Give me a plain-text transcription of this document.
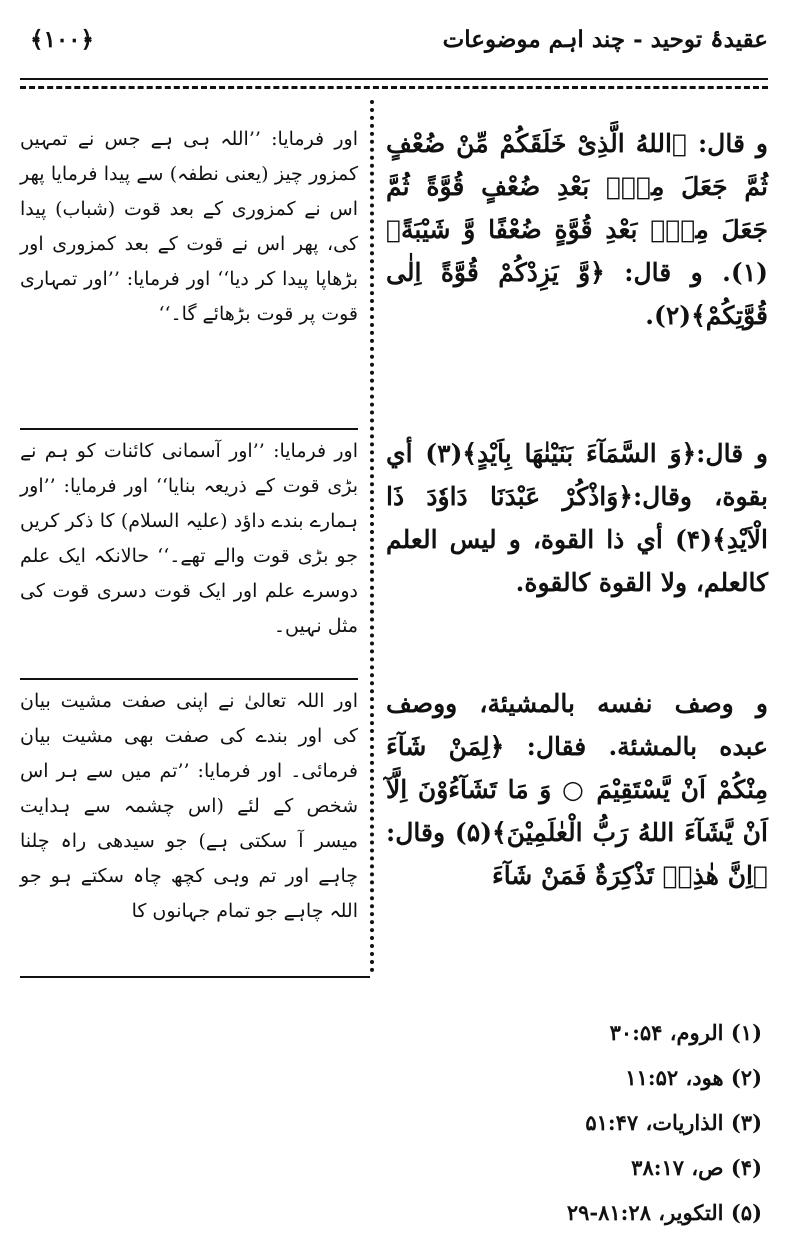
عقیدۂ توحید - چند اہم موضوعات
﴾۱۰۰﴿
و قال: ﴿اللهُ الَّذِیْ خَلَقَكُمْ مِّنْ ضُعْفٍ ثُمَّ جَعَلَ مِنْۢ بَعْدِ ضُعْفٍ قُوَّةً ثُمَّ جَعَلَ مِنْۢ بَعْدِ قُوَّةٍ ضُعْفًا وَّ شَيْبَةً﴾(۱). و قال: ﴿وَّ يَزِدْكُمْ قُوَّةً اِلٰى قُوَّتِكُمْ﴾(۲).
و قال:﴿وَ السَّمَآءَ بَنَيْنٰهَا بِاَيْدٍ﴾(۳) أي بقوة، وقال:﴿وَاذْكُرْ عَبْدَنَا دَاوٗدَ ذَا الْاَيْدِ﴾(۴) أي ذا القوة، و ليس العلم كالعلم، ولا القوة كالقوة.
و وصف نفسه بالمشيئة، ووصف عبده بالمشئة. فقال: ﴿لِمَنْ شَآءَ مِنْكُمْ اَنْ يَّسْتَقِيْمَ ○ وَ مَا تَشَآءُوْنَ اِلَّآ اَنْ يَّشَآءَ اللهُ رَبُّ الْعٰلَمِيْنَ﴾(۵) وقال: ﴿اِنَّ هٰذِهٖ تَذْكِرَةٌ فَمَنْ شَآءَ
اور فرمایا: ’’اللہ ہی ہے جس نے تمہیں کمزور چیز (یعنی نطفہ) سے پیدا فرمایا پھر اس نے کمزوری کے بعد قوت (شباب) پیدا کی، پھر اس نے قوت کے بعد کمزوری اور بڑھاپا پیدا کر دیا‘‘ اور فرمایا: ’’اور تمہاری قوت پر قوت بڑھائے گا۔‘‘
اور فرمایا: ’’اور آسمانی کائنات کو ہم نے بڑی قوت کے ذریعہ بنایا‘‘ اور فرمایا: ’’اور ہمارے بندے داؤد (علیہ السلام) کا ذکر کریں جو بڑی قوت والے تھے۔‘‘ حالانکہ ایک علم دوسرے علم اور ایک قوت دسری قوت کی مثل نہیں۔
اور اللہ تعالیٰ نے اپنی صفت مشیت بیان کی اور بندے کی صفت بھی مشیت بیان فرمائی۔ اور فرمایا: ’’تم میں سے ہر اس شخص کے لئے (اس چشمہ سے ہدایت میسر آ سکتی ہے) جو سیدھی راہ چلنا چاہے اور تم وہی کچھ چاہ سکتے ہو جو اللہ چاہے جو تمام جہانوں کا
(۱) الروم، ۳۰:۵۴
(۲) هود، ۱۱:۵۲
(۳) الذاریات، ۵۱:۴۷
(۴) ص، ۳۸:۱۷
(۵) التکویر، ۸۱:۲۸-۲۹
